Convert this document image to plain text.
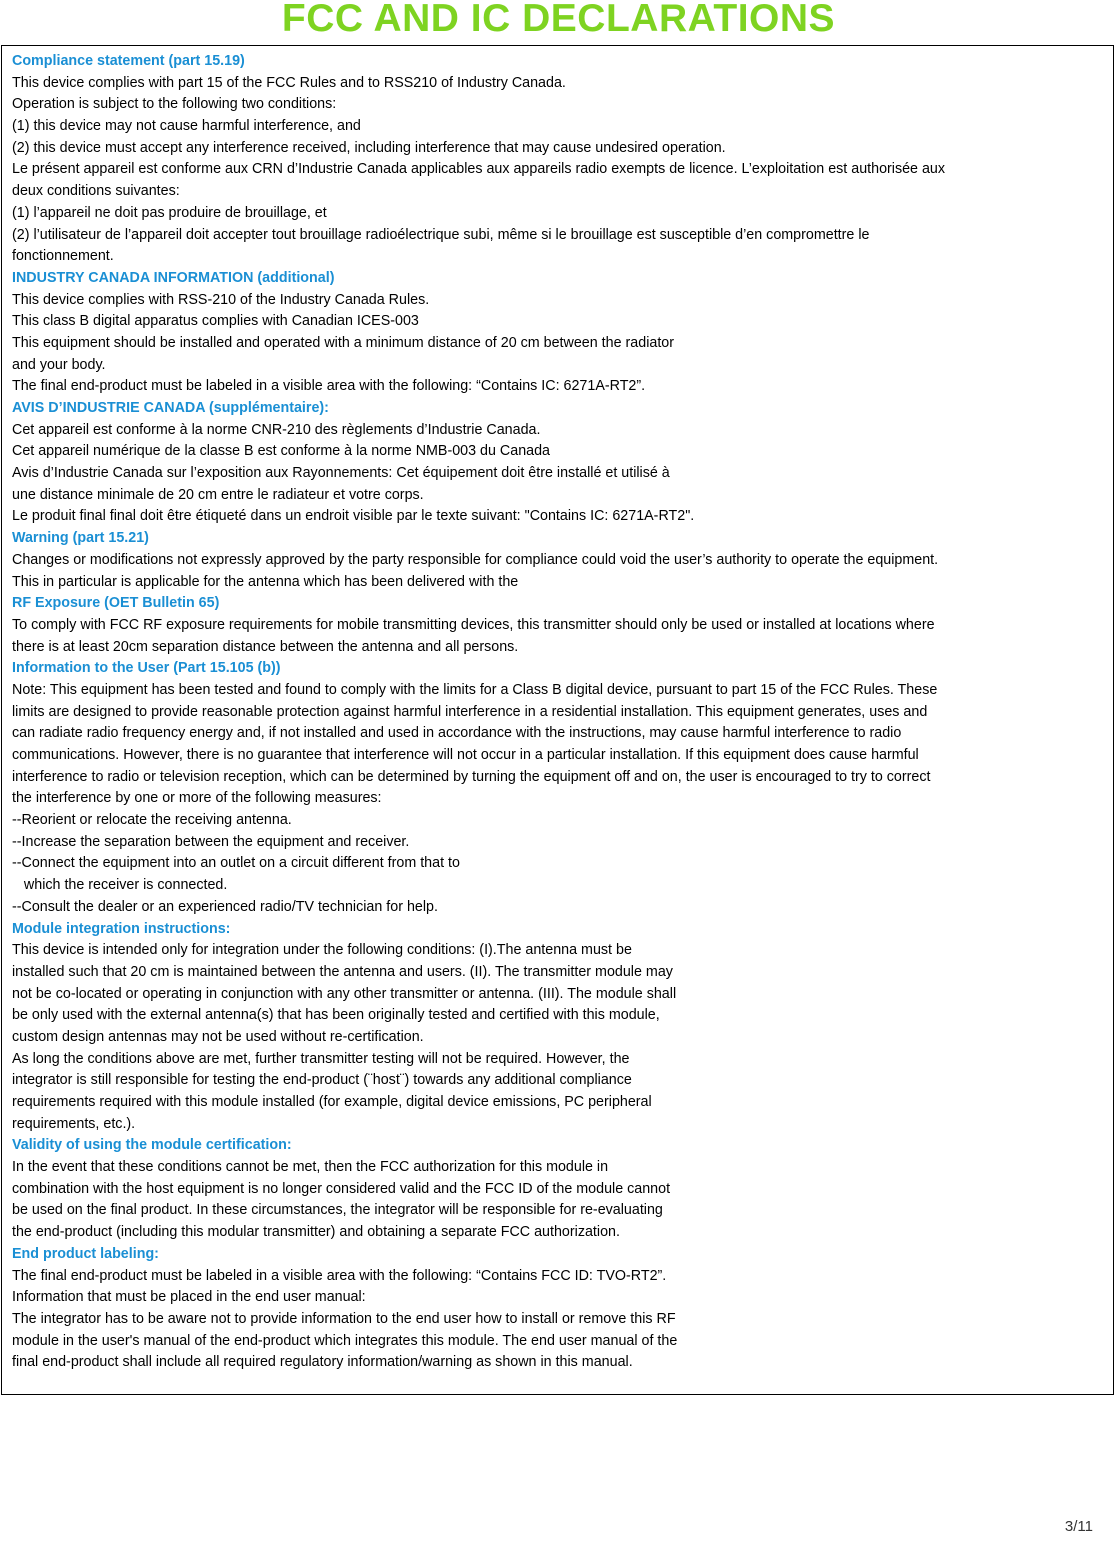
FCC AND IC DECLARATIONS
Compliance statement (part 15.19)
This device complies with part 15 of the FCC Rules and to RSS210 of Industry Canada.
Operation is subject to the following two conditions:
(1) this device may not cause harmful interference, and
(2) this device must accept any interference received, including interference that may cause undesired operation.
Le présent appareil est conforme aux CRN d’Industrie Canada applicables aux appareils radio exempts de licence. L’exploitation est authorisée aux
deux conditions suivantes:
(1) l’appareil ne doit pas produire de brouillage, et
(2) l’utilisateur de l’appareil doit accepter tout brouillage radioélectrique subi, même si le brouillage est susceptible d’en compromettre le
fonctionnement.
INDUSTRY CANADA INFORMATION (additional)
This device complies with RSS-210 of the Industry Canada Rules.
This class B digital apparatus complies with Canadian ICES-003
This equipment should be installed and operated with a minimum distance of 20 cm between the radiator
and your body.
The final end-product must be labeled in a visible area with the following: “Contains IC: 6271A-RT2”.
AVIS D’INDUSTRIE CANADA (supplémentaire):
Cet appareil est conforme à la norme CNR-210 des règlements d’Industrie Canada.
Cet appareil numérique de la classe B est conforme à la norme NMB-003 du Canada
Avis d’Industrie Canada sur l’exposition aux Rayonnements: Cet équipement doit être installé et utilisé à
une distance minimale de 20 cm entre le radiateur et votre corps.
Le produit final final doit être étiqueté dans un endroit visible par le texte suivant: "Contains IC: 6271A-RT2".
Warning (part 15.21)
Changes or modifications not expressly approved by the party responsible for compliance could void the user’s authority to operate the equipment.
This in particular is applicable for the antenna which has been delivered with the
RF Exposure (OET Bulletin 65)
To comply with FCC RF exposure requirements for mobile transmitting devices, this transmitter should only be used or installed at locations where
there is at least 20cm separation distance between the antenna and all persons.
Information to the User (Part 15.105 (b))
Note: This equipment has been tested and found to comply with the limits for a Class B digital device, pursuant to part 15 of the FCC Rules. These
limits are designed to provide reasonable protection against harmful interference in a residential installation. This equipment generates, uses and
can radiate radio frequency energy and, if not installed and used in accordance with the instructions, may cause harmful interference to radio
communications. However, there is no guarantee that interference will not occur in a particular installation. If this equipment does cause harmful
interference to radio or television reception, which can be determined by turning the equipment off and on, the user is encouraged to try to correct
the interference by one or more of the following measures:
--Reorient or relocate the receiving antenna.
--Increase the separation between the equipment and receiver.
--Connect the equipment into an outlet on a circuit different from that to
which the receiver is connected.
--Consult the dealer or an experienced radio/TV technician for help.
Module integration instructions:
This device is intended only for integration under the following conditions: (I).The antenna must be
installed such that 20 cm is maintained between the antenna and users. (II). The transmitter module may
not be co-located or operating in conjunction with any other transmitter or antenna. (III). The module shall
be only used with the external antenna(s) that has been originally tested and certified with this module,
custom design antennas may not be used without re-certification.
As long the conditions above are met, further transmitter testing will not be required. However, the
integrator is still responsible for testing the end-product (¨host¨) towards any additional compliance
requirements required with this module installed (for example, digital device emissions, PC peripheral
requirements, etc.).
Validity of using the module certification:
In the event that these conditions cannot be met, then the FCC authorization for this module in
combination with the host equipment is no longer considered valid and the FCC ID of the module cannot
be used on the final product. In these circumstances, the integrator will be responsible for re-evaluating
the end-product (including this modular transmitter) and obtaining a separate FCC authorization.
End product labeling:
The final end-product must be labeled in a visible area with the following: “Contains FCC ID: TVO-RT2”.
Information that must be placed in the end user manual:
The integrator has to be aware not to provide information to the end user how to install or remove this RF
module in the user's manual of the end-product which integrates this module. The end user manual of the
final end-product shall include all required regulatory information/warning as shown in this manual.
3/11
